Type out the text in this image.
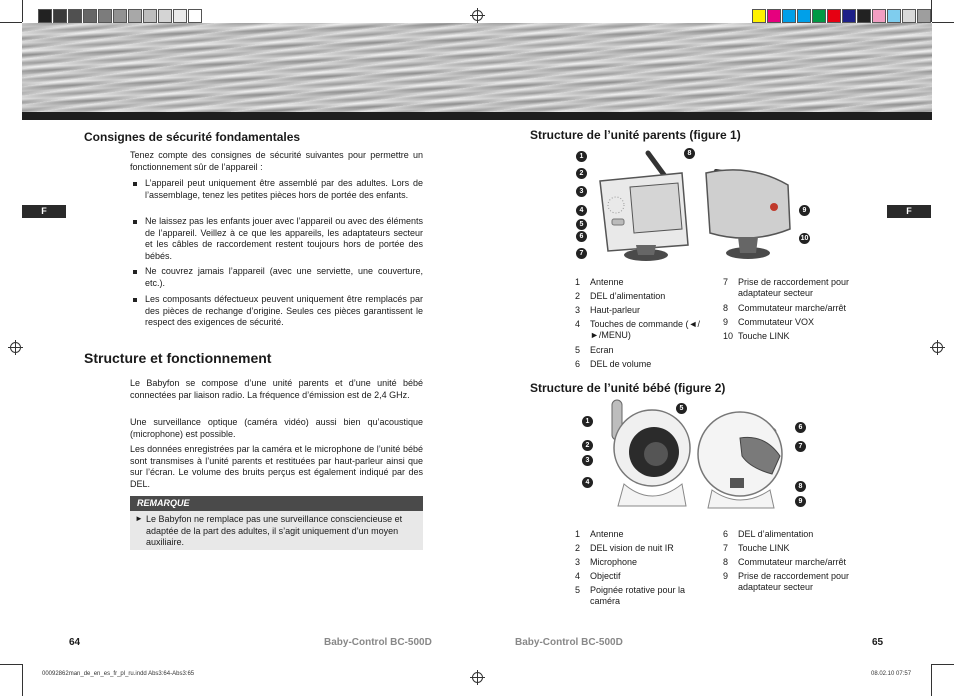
F	F
Consignes de sécurité fondamentales
Tenez compte des consignes de sécurité suivantes pour permettre un fonctionnement sûr de l’appareil :
L’appareil peut uniquement être assemblé par des adultes. Lors de l’assemblage, tenez les petites pièces hors de portée des enfants.
Ne laissez pas les enfants jouer avec l’appareil ou avec des éléments de l’appareil. Veillez à ce que les appareils, les adaptateurs secteur et les câbles de raccordement restent toujours hors de portée des bébés.
Ne couvrez jamais l’appareil (avec une serviette, une couverture, etc.).
Les composants défectueux peuvent uniquement être remplacés par des pièces de rechange d’origine. Seules ces pièces garantissent le respect des exigences de sécurité.
Structure et fonctionnement
Le Babyfon se compose d’une unité parents et d’une unité bébé connectées par liaison radio. La fréquence d’émission est de 2,4 GHz.
Une surveillance optique (caméra vidéo) aussi bien qu’acoustique (microphone) est possible.
Les données enregistrées par la caméra et le microphone de l’unité bébé sont transmises à l’unité parents et restituées par haut-parleur ainsi que sur l’écran. Le volume des bruits perçus est également indiqué par des DEL.
REMARQUE
► Le Babyfon ne remplace pas une surveillance consciencieuse et adaptée de la part des adultes, il s’agit uniquement d’un moyen auxiliaire.
64	Baby-Control BC-500D
Structure de l’unité parents (figure 1)
1
2
3
4
5
6
7
8
9
10
1	Antenne
2	DEL d’alimentation
3	Haut-parleur
4	Touches de commande (◄/►/MENU)
5	Ecran
6	DEL de volume
7	Prise de raccordement pour adaptateur secteur
8	Commutateur marche/arrêt
9	Commutateur VOX
10 Touche LINK
Structure de l’unité bébé (figure 2)
1
2
3
4
5
6
7
8
9
1	Antenne
2	DEL vision de nuit IR
3	Microphone
4	Objectif
5	Poignée rotative pour la caméra
6	DEL d’alimentation
7	Touche LINK
8	Commutateur marche/arrêt
9	Prise de raccordement pour adaptateur secteur
Baby-Control BC-500D	65
00092862man_de_en_es_fr_pl_ru.indd Abs3:64-Abs3:65	08.02.10 07:57
